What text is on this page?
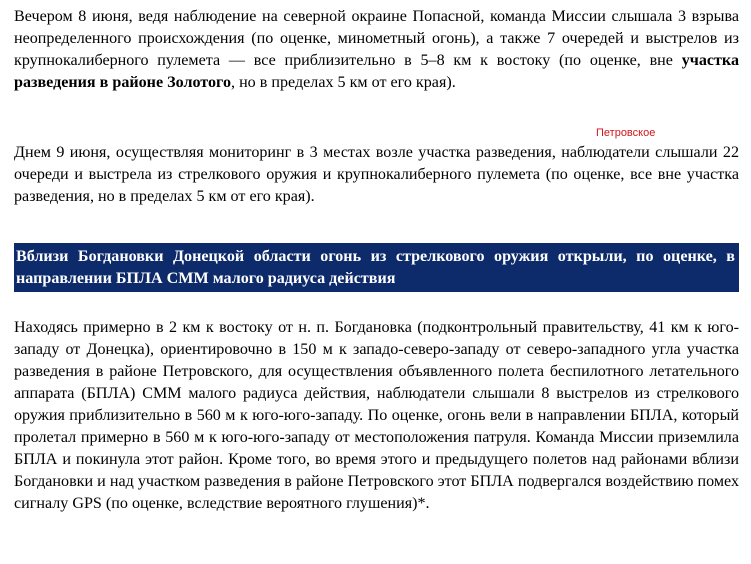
Вечером 8 июня, ведя наблюдение на северной окраине Попасной, команда Миссии слышала 3 взрыва неопределенного происхождения (по оценке, минометный огонь), а также 7 очередей и выстрелов из крупнокалиберного пулемета — все приблизительно в 5–8 км к востоку (по оценке, вне участка разведения в районе Золотого, но в пределах 5 км от его края).

Петровское

Днем 9 июня, осуществляя мониторинг в 3 местах возле участка разведения, наблюдатели слышали 22 очереди и выстрела из стрелкового оружия и крупнокалиберного пулемета (по оценке, все вне участка разведения, но в пределах 5 км от его края).

Вблизи Богдановки Донецкой области огонь из стрелкового оружия открыли, по оценке, в направлении БПЛА СММ малого радиуса действия

Находясь примерно в 2 км к востоку от н. п. Богдановка (подконтрольный правительству, 41 км к юго-западу от Донецка), ориентировочно в 150 м к западо-северо-западу от северо-западного угла участка разведения в районе Петровского, для осуществления объявленного полета беспилотного летательного аппарата (БПЛА) СММ малого радиуса действия, наблюдатели слышали 8 выстрелов из стрелкового оружия приблизительно в 560 м к юго-юго-западу. По оценке, огонь вели в направлении БПЛА, который пролетал примерно в 560 м к юго-юго-западу от местоположения патруля. Команда Миссии приземлила БПЛА и покинула этот район. Кроме того, во время этого и предыдущего полетов над районами вблизи Богдановки и над участком разведения в районе Петровского этот БПЛА подвергался воздействию помех сигналу GPS (по оценке, вследствие вероятного глушения)*.
